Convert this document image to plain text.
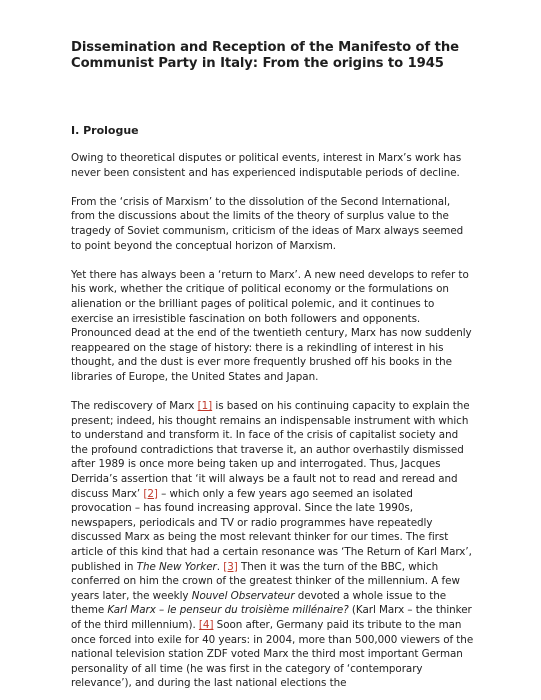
Dissemination and Reception of the Manifesto of the Communist Party in Italy: From the origins to 1945
I. Prologue

Owing to theoretical disputes or political events, interest in Marx’s work has never been consistent and has experienced indisputable periods of decline.

From the ‘crisis of Marxism’ to the dissolution of the Second International, from the discussions about the limits of the theory of surplus value to the tragedy of Soviet communism, criticism of the ideas of Marx always seemed to point beyond the conceptual horizon of Marxism.

Yet there has always been a ‘return to Marx’. A new need develops to refer to his work, whether the critique of political economy or the formulations on alienation or the brilliant pages of political polemic, and it continues to exercise an irresistible fascination on both followers and opponents. Pronounced dead at the end of the twentieth century, Marx has now suddenly reappeared on the stage of history: there is a rekindling of interest in his thought, and the dust is ever more frequently brushed off his books in the libraries of Europe, the United States and Japan.

The rediscovery of Marx [1] is based on his continuing capacity to explain the present; indeed, his thought remains an indispensable instrument with which to understand and transform it. In face of the crisis of capitalist society and the profound contradictions that traverse it, an author overhastily dismissed after 1989 is once more being taken up and interrogated. Thus, Jacques Derrida’s assertion that ‘it will always be a fault not to read and reread and discuss Marx’ [2] – which only a few years ago seemed an isolated provocation – has found increasing approval. Since the late 1990s, newspapers, periodicals and TV or radio programmes have repeatedly discussed Marx as being the most relevant thinker for our times. The first article of this kind that had a certain resonance was ‘The Return of Karl Marx’, published in The New Yorker. [3] Then it was the turn of the BBC, which conferred on him the crown of the greatest thinker of the millennium. A few years later, the weekly Nouvel Observateur devoted a whole issue to the theme Karl Marx – le penseur du troisième millénaire? (Karl Marx – the thinker of the third millennium). [4] Soon after, Germany paid its tribute to the man once forced into exile for 40 years: in 2004, more than 500,000 viewers of the national television station ZDF voted Marx the third most important German personality of all time (he was first in the category of ‘contemporary relevance’), and during the last national elections the
